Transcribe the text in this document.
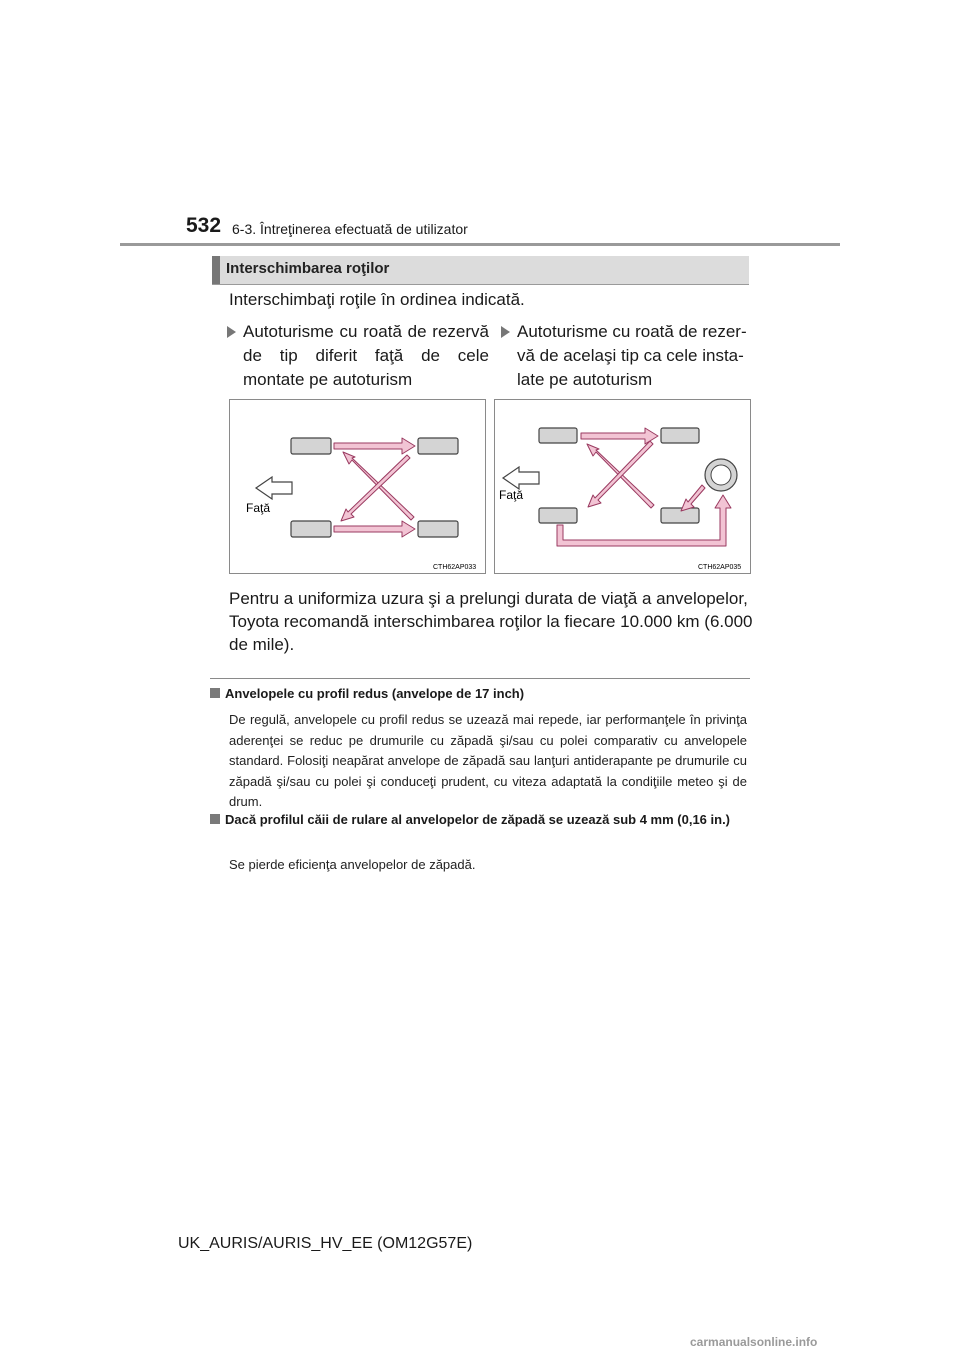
532 6-3. Întreţinerea efectuată de utilizator
Interschimbarea roţilor
Interschimbaţi roţile în ordinea indicată.
Autoturisme cu roată de rezervă de tip diferit faţă de cele montate pe autoturism
Autoturisme cu roată de rezervă de acelaşi tip ca cele instalate pe autoturism
Faţă
CTH62AP033
Faţă
CTH62AP035
Pentru a uniformiza uzura şi a prelungi durata de viaţă a anvelopelor, Toyota recomandă interschimbarea roţilor la fiecare 10.000 km (6.000 de mile).
Anvelopele cu profil redus (anvelope de 17 inch)
De regulă, anvelopele cu profil redus se uzează mai repede, iar performanţele în privinţa aderenţei se reduc pe drumurile cu zăpadă şi/sau cu polei comparativ cu anvelopele standard. Folosiţi neapărat anvelope de zăpadă sau lanţuri antiderapante pe drumurile cu zăpadă şi/sau cu polei şi conduceţi prudent, cu viteza adaptată la condiţiile meteo şi de drum.
Dacă profilul căii de rulare al anvelopelor de zăpadă se uzează sub 4 mm (0,16 in.)
Se pierde eficienţa anvelopelor de zăpadă.
UK_AURIS/AURIS_HV_EE (OM12G57E)
carmanualsonline.info
